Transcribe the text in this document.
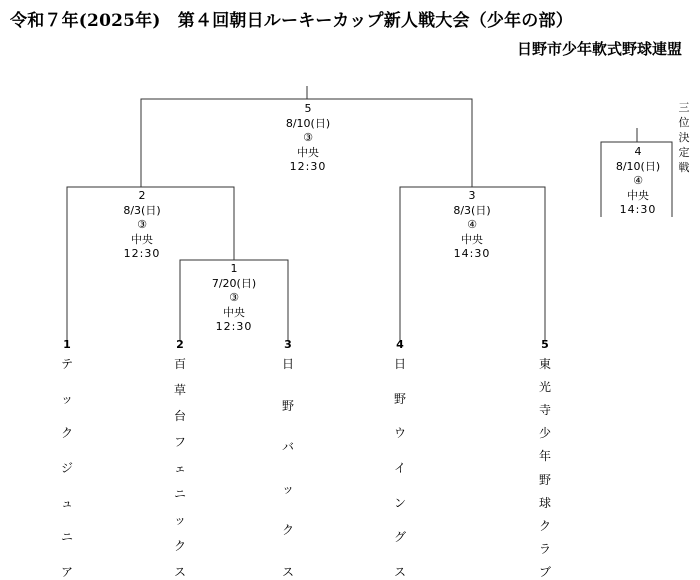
令和７年(2025年)　第４回朝日ルーキーカップ新人戦大会（少年の部）
日野市少年軟式野球連盟
5
8/10(日)
③
中央
12:30
2
8/3(日)
③
中央
12:30
3
8/3(日)
④
中央
14:30
1
7/20(日)
③
中央
12:30
4
8/10(日)
④
中央
14:30
三
位
決
定
戦
1	2	3	4	5
テ
ッ
ク
ジ
ュ
ニ
ア
百
草
台
フ
ェ
ニ
ッ
ク
ス
日
野
バ
ッ
ク
ス
日
野
ウ
イ
ン
グ
ス
東
光
寺
少
年
野
球
ク
ラ
ブ
